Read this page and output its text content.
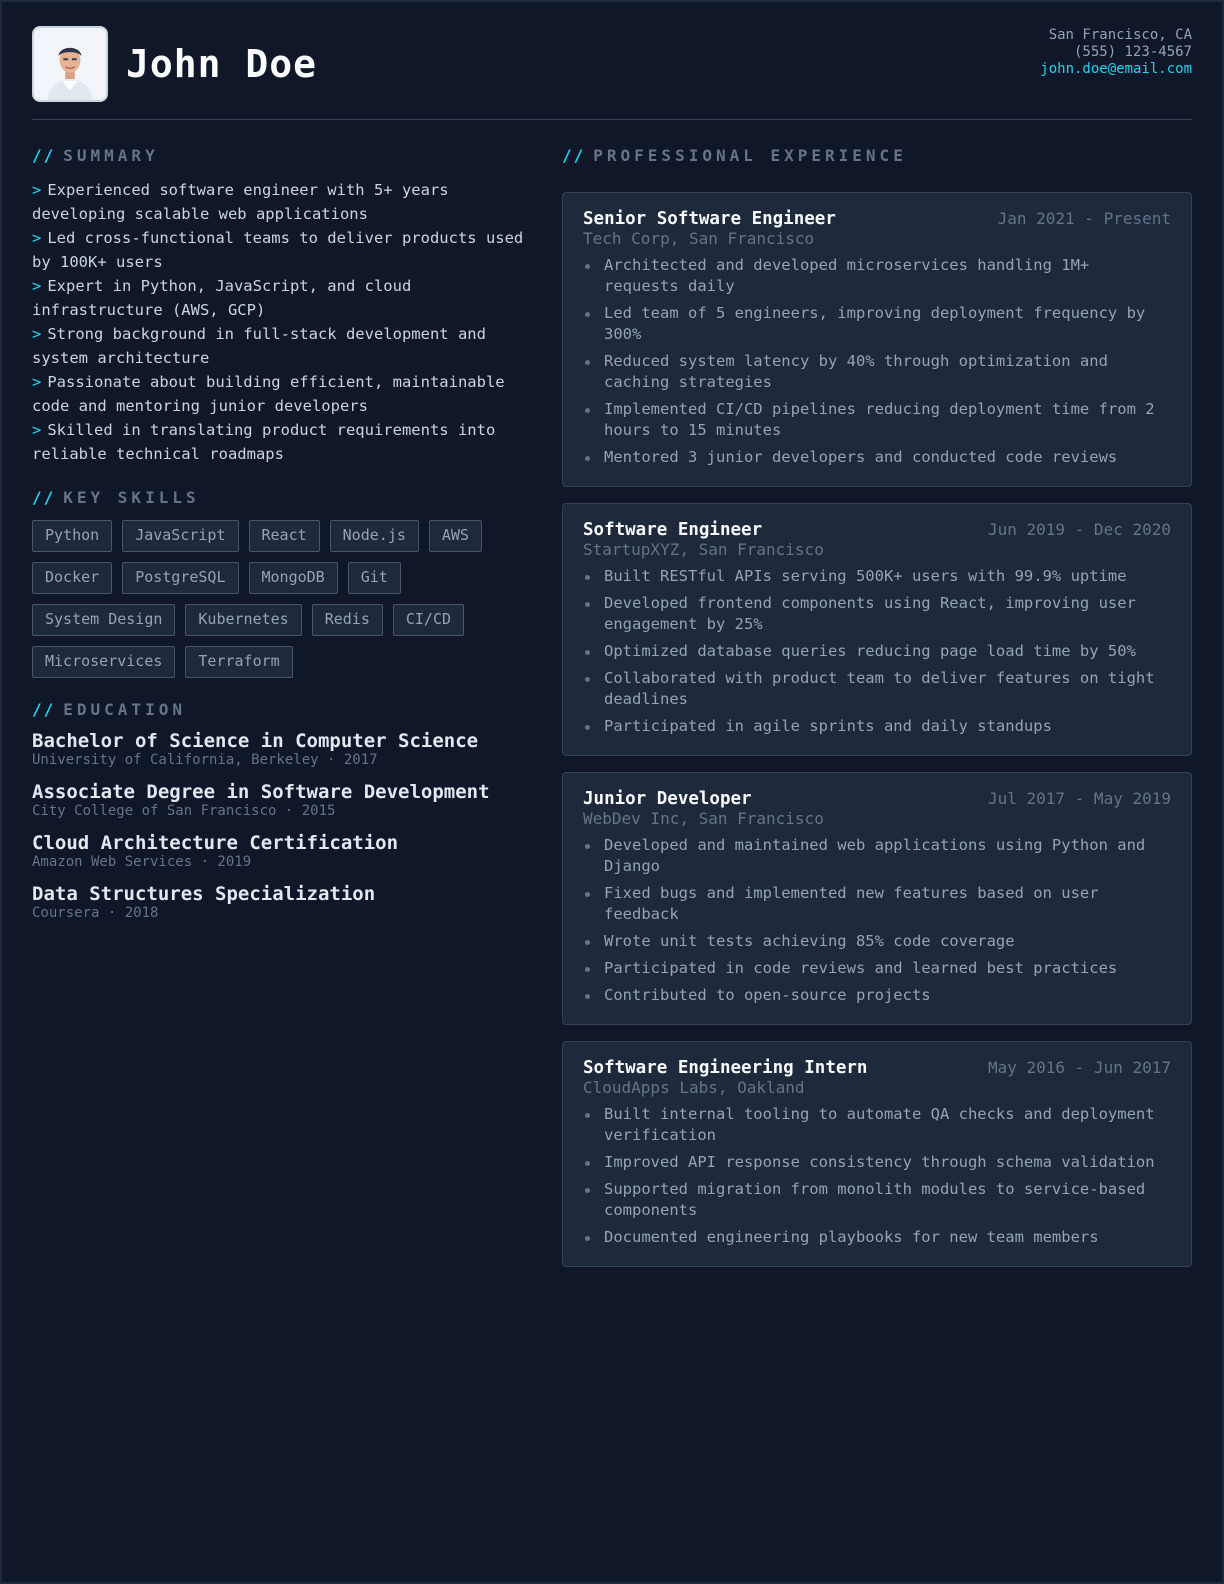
John Doe
San Francisco, CA
(555) 123-4567
john.doe@email.com
// SUMMARY
> Experienced software engineer with 5+ years developing scalable web applications
> Led cross-functional teams to deliver products used by 100K+ users
> Expert in Python, JavaScript, and cloud infrastructure (AWS, GCP)
> Strong background in full-stack development and system architecture
> Passionate about building efficient, maintainable code and mentoring junior developers
> Skilled in translating product requirements into reliable technical roadmaps
// KEY SKILLS
Python	JavaScript	React	Node.js	AWS
Docker	PostgreSQL	MongoDB	Git
System Design	Kubernetes	Redis	CI/CD
Microservices	Terraform
// EDUCATION
Bachelor of Science in Computer Science
University of California, Berkeley · 2017
Associate Degree in Software Development
City College of San Francisco · 2015
Cloud Architecture Certification
Amazon Web Services · 2019
Data Structures Specialization
Coursera · 2018
// PROFESSIONAL EXPERIENCE
Senior Software Engineer	Jan 2021 - Present
Tech Corp, San Francisco
Architected and developed microservices handling 1M+ requests daily
Led team of 5 engineers, improving deployment frequency by 300%
Reduced system latency by 40% through optimization and caching strategies
Implemented CI/CD pipelines reducing deployment time from 2 hours to 15 minutes
Mentored 3 junior developers and conducted code reviews
Software Engineer	Jun 2019 - Dec 2020
StartupXYZ, San Francisco
Built RESTful APIs serving 500K+ users with 99.9% uptime
Developed frontend components using React, improving user engagement by 25%
Optimized database queries reducing page load time by 50%
Collaborated with product team to deliver features on tight deadlines
Participated in agile sprints and daily standups
Junior Developer	Jul 2017 - May 2019
WebDev Inc, San Francisco
Developed and maintained web applications using Python and Django
Fixed bugs and implemented new features based on user feedback
Wrote unit tests achieving 85% code coverage
Participated in code reviews and learned best practices
Contributed to open-source projects
Software Engineering Intern	May 2016 - Jun 2017
CloudApps Labs, Oakland
Built internal tooling to automate QA checks and deployment verification
Improved API response consistency through schema validation
Supported migration from monolith modules to service-based components
Documented engineering playbooks for new team members
